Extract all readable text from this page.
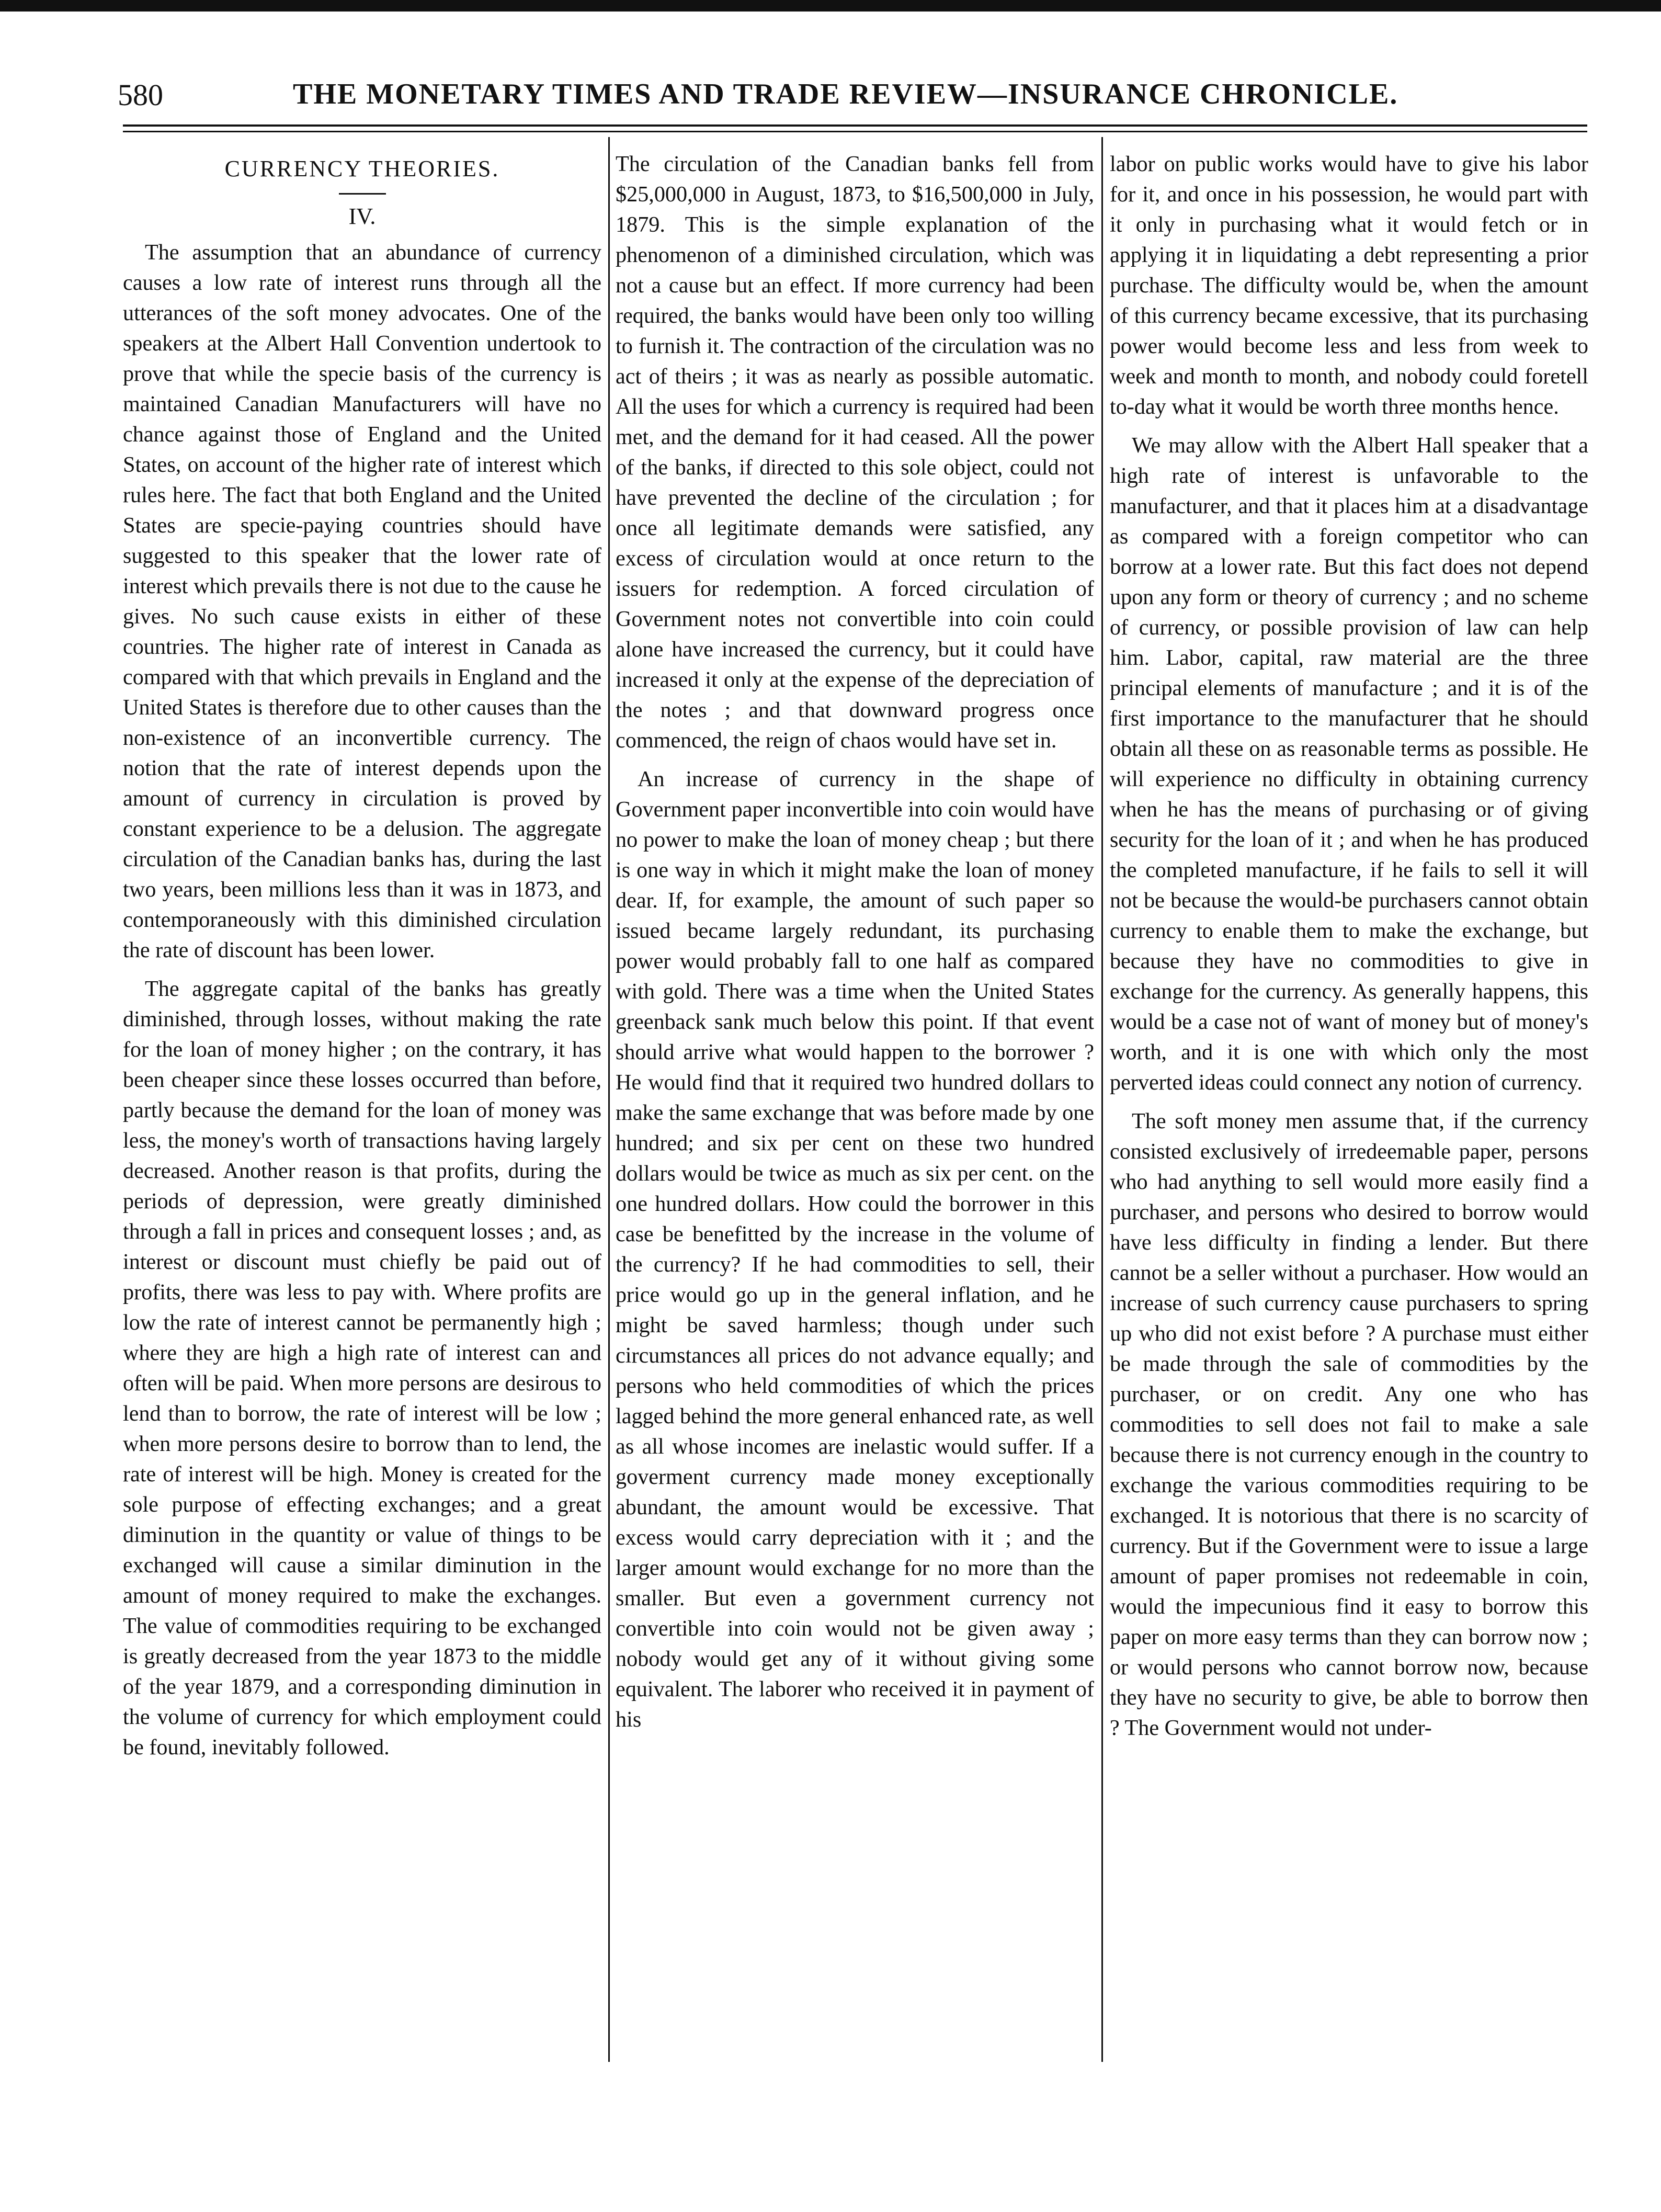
580	THE MONETARY TIMES AND TRADE REVIEW—INSURANCE CHRONICLE.
CURRENCY THEORIES.
IV.

The assumption that an abundance of currency causes a low rate of interest runs through all the utterances of the soft money advocates. One of the speakers at the Albert Hall Convention undertook to prove that while the specie basis of the currency is maintained Canadian Manufacturers will have no chance against those of England and the United States, on account of the higher rate of interest which rules here. The fact that both England and the United States are specie-paying countries should have suggested to this speaker that the lower rate of interest which prevails there is not due to the cause he gives. No such cause exists in either of these countries. The higher rate of interest in Canada as compared with that which prevails in England and the United States is therefore due to other causes than the non-existence of an inconvertible currency. The notion that the rate of interest depends upon the amount of currency in circulation is proved by constant experience to be a delusion. The aggregate circulation of the Canadian banks has, during the last two years, been millions less than it was in 1873, and contemporaneously with this diminished circulation the rate of discount has been lower.

The aggregate capital of the banks has greatly diminished, through losses, without making the rate for the loan of money higher ; on the contrary, it has been cheaper since these losses occurred than before, partly because the demand for the loan of money was less, the money's worth of transactions having largely decreased. Another reason is that profits, during the periods of depression, were greatly diminished through a fall in prices and consequent losses ; and, as interest or discount must chiefly be paid out of profits, there was less to pay with. Where profits are low the rate of interest cannot be permanently high ; where they are high a high rate of interest can and often will be paid. When more persons are desirous to lend than to borrow, the rate of interest will be low ; when more persons desire to borrow than to lend, the rate of interest will be high. Money is created for the sole purpose of effecting exchanges; and a great diminution in the quantity or value of things to be exchanged will cause a similar diminution in the amount of money required to make the exchanges. The value of commodities requiring to be exchanged is greatly decreased from the year 1873 to the middle of the year 1879, and a corresponding diminution in the volume of currency for which employment could be found, inevitably followed.

The circulation of the Canadian banks fell from $25,000,000 in August, 1873, to $16,500,000 in July, 1879. This is the simple explanation of the phenomenon of a diminished circulation, which was not a cause but an effect. If more currency had been required, the banks would have been only too willing to furnish it. The contraction of the circulation was no act of theirs ; it was as nearly as possible automatic. All the uses for which a currency is required had been met, and the demand for it had ceased. All the power of the banks, if directed to this sole object, could not have prevented the decline of the circulation ; for once all legitimate demands were satisfied, any excess of circulation would at once return to the issuers for redemption. A forced circulation of Government notes not convertible into coin could alone have increased the currency, but it could have increased it only at the expense of the depreciation of the notes ; and that downward progress once commenced, the reign of chaos would have set in.

An increase of currency in the shape of Government paper inconvertible into coin would have no power to make the loan of money cheap ; but there is one way in which it might make the loan of money dear. If, for example, the amount of such paper so issued became largely redundant, its purchasing power would probably fall to one half as compared with gold. There was a time when the United States greenback sank much below this point. If that event should arrive what would happen to the borrower ? He would find that it required two hundred dollars to make the same exchange that was before made by one hundred; and six per cent on these two hundred dollars would be twice as much as six per cent. on the one hundred dollars. How could the borrower in this case be benefitted by the increase in the volume of the currency? If he had commodities to sell, their price would go up in the general inflation, and he might be saved harmless; though under such circumstances all prices do not advance equally; and persons who held commodities of which the prices lagged behind the more general enhanced rate, as well as all whose incomes are inelastic would suffer. If a goverment currency made money exceptionally abundant, the amount would be excessive. That excess would carry depreciation with it ; and the larger amount would exchange for no more than the smaller. But even a government currency not convertible into coin would not be given away ; nobody would get any of it without giving some equivalent. The laborer who received it in payment of his

labor on public works would have to give his labor for it, and once in his possession, he would part with it only in purchasing what it would fetch or in applying it in liquidating a debt representing a prior purchase. The difficulty would be, when the amount of this currency became excessive, that its purchasing power would become less and less from week to week and month to month, and nobody could foretell to-day what it would be worth three months hence.

We may allow with the Albert Hall speaker that a high rate of interest is unfavorable to the manufacturer, and that it places him at a disadvantage as compared with a foreign competitor who can borrow at a lower rate. But this fact does not depend upon any form or theory of currency ; and no scheme of currency, or possible provision of law can help him. Labor, capital, raw material are the three principal elements of manufacture ; and it is of the first importance to the manufacturer that he should obtain all these on as reasonable terms as possible. He will experience no difficulty in obtaining currency when he has the means of purchasing or of giving security for the loan of it ; and when he has produced the completed manufacture, if he fails to sell it will not be because the would-be purchasers cannot obtain currency to enable them to make the exchange, but because they have no commodities to give in exchange for the currency. As generally happens, this would be a case not of want of money but of money's worth, and it is one with which only the most perverted ideas could connect any notion of currency.

The soft money men assume that, if the currency consisted exclusively of irredeemable paper, persons who had anything to sell would more easily find a purchaser, and persons who desired to borrow would have less difficulty in finding a lender. But there cannot be a seller without a purchaser. How would an increase of such currency cause purchasers to spring up who did not exist before ? A purchase must either be made through the sale of commodities by the purchaser, or on credit. Any one who has commodities to sell does not fail to make a sale because there is not currency enough in the country to exchange the various commodities requiring to be exchanged. It is notorious that there is no scarcity of currency. But if the Government were to issue a large amount of paper promises not redeemable in coin, would the impecunious find it easy to borrow this paper on more easy terms than they can borrow now ; or would persons who cannot borrow now, because they have no security to give, be able to borrow then ? The Government would not under-
